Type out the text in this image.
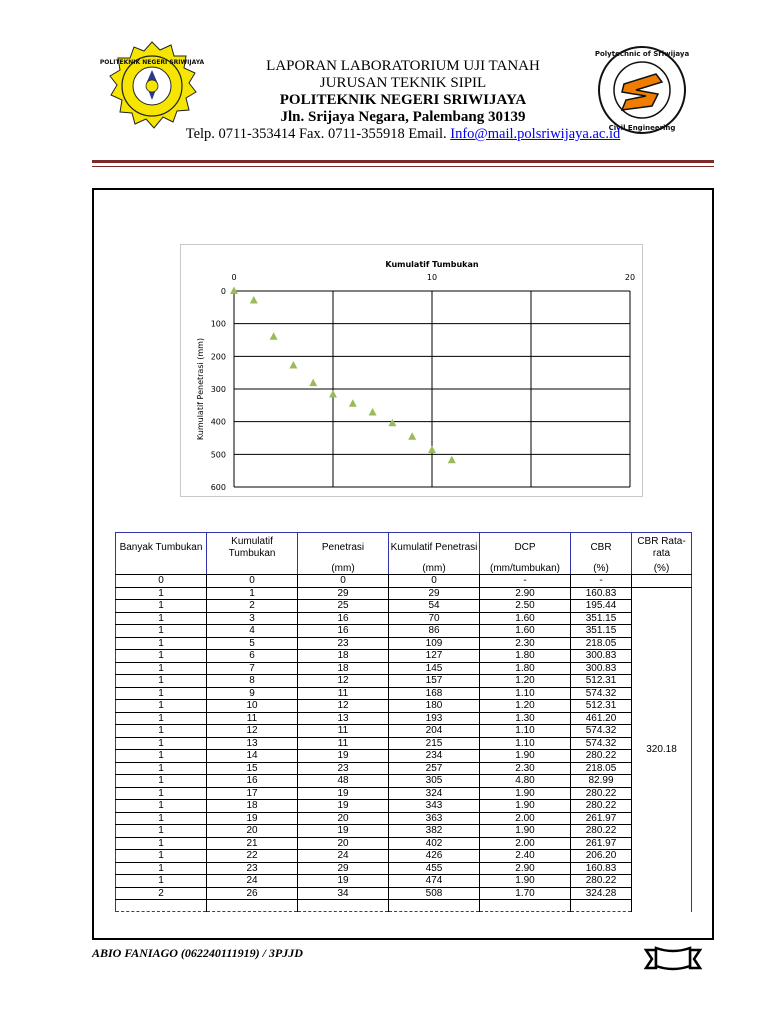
POLITEKNIK NEGERI SRIWIJAYA
Polytechnic of Sriwijaya
Civil Engineering
LAPORAN LABORATORIUM UJI TANAH
JURUSAN TEKNIK SIPIL
POLITEKNIK NEGERI SRIWIJAYA
Jln. Srijaya Negara, Palembang 30139
Telp. 0711-353414 Fax. 0711-355918 Email. Info@mail.polsriwijaya.ac.id
Kumulatif Tumbukan
0	10	20
0
100
200
300
400
500
600
Kumulatif Penetrasi (mm)
Banyak Tumbukan	Kumulatif Tumbukan	Penetrasi	Kumulatif Penetrasi	DCP	CBR	CBR Rata-rata
		(mm)	(mm)	(mm/tumbukan)	(%)	(%)
0	0	0	0	-	-	
1	1	29	29	2.90	160.83	320.18
1	2	25	54	2.50	195.44	
1	3	16	70	1.60	351.15	
1	4	16	86	1.60	351.15	
1	5	23	109	2.30	218.05	
1	6	18	127	1.80	300.83	
1	7	18	145	1.80	300.83	
1	8	12	157	1.20	512.31	
1	9	11	168	1.10	574.32	
1	10	12	180	1.20	512.31	
1	11	13	193	1.30	461.20	
1	12	11	204	1.10	574.32	
1	13	11	215	1.10	574.32	
1	14	19	234	1.90	280.22	
1	15	23	257	2.30	218.05	
1	16	48	305	4.80	82.99	
1	17	19	324	1.90	280.22	
1	18	19	343	1.90	280.22	
1	19	20	363	2.00	261.97	
1	20	19	382	1.90	280.22	
1	21	20	402	2.00	261.97	
1	22	24	426	2.40	206.20	
1	23	29	455	2.90	160.83	
1	24	19	474	1.90	280.22	
2	26	34	508	1.70	324.28	

ABIO FANIAGO (062240111919) / 3PJJD
